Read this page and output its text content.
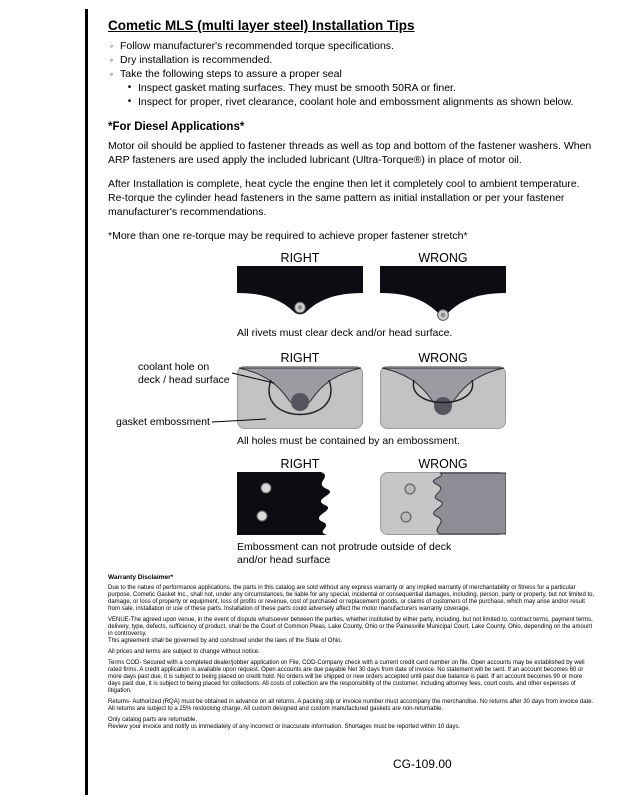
Cometic MLS (multi layer steel) Installation Tips
◦ Follow manufacturer's recommended torque specifications.
◦ Dry installation is recommended.
◦ Take the following steps to assure a proper seal
• Inspect gasket mating surfaces. They must be smooth 50RA or finer.
• Inspect for proper, rivet clearance, coolant hole and embossment alignments as shown below.
*For Diesel Applications*

Motor oil should be applied to fastener threads as well as top and bottom of the fastener washers. When ARP fasteners are used apply the included lubricant (Ultra-Torque®) in place of motor oil.

After Installation is complete, heat cycle the engine then let it completely cool to ambient temperature. Re-torque the cylinder head fasteners in the same pattern as initial installation or per your fastener manufacturer's recommendations.

*More than one re-torque may be required to achieve proper fastener stretch*

RIGHT	WRONG
All rivets must clear deck and/or head surface.
RIGHT	WRONG
coolant hole on deck / head surface
gasket embossment
All holes must be contained by an embossment.
RIGHT	WRONG
Embossment can not protrude outside of deck and/or head surface
Warranty Disclaimer*

Due to the nature of performance applications, the parts in this catalog are sold without any express warranty or any implied warranty of merchantability or fitness for a particular purpose. Cometic Gasket Inc., shall not, under any circumstances, be liable for any special, incidental or consequential damages, including, person, party or property, but not limited to, damage, or loss of property or equipment, loss of profits or revenue, cost of purchased or replacement goods, or claims of customers of the purchase, which may arise and/or result from sale, installation or use of these parts. Installation of these parts could adversely affect the motor manufacturers warranty coverage.

VENUE-The agreed upon venue, in the event of dispute whatsoever between the parties, whether instituted by either party, including, but not limited to, contract terms, payment terms, delivery, type, defects, sufficiency of product, shall be the Court of Common Pleas, Lake County, Ohio or the Painesville Municipal Court, Lake County, Ohio, depending on the amount in controversy.

This agreement shall be governed by and construed under the laws of the State of Ohio.

All prices and terms are subject to change without notice.

Terms COD- Secured with a completed dealer/jobber application on File, COD-Company check with a current credit card number on file. Open accounts may be established by well rated firms. A credit application is available upon request. Open accounts are due payable Net 30 days from date of invoice. No statement will be sent. If an account becomes 60 or more days past due, it is subject to being placed on credit hold. No orders will be shipped or new orders accepted until past due balance is paid. If an account becomes 90 or more days past due, it is subject to being placed for collections. All costs of collection are the responsibility of the customer, including attorney fees, court costs, and other expenses of litigation.

Returns- Authorized (RQA) must be obtained in advance on all returns. A packing slip or invoice number must accompany the merchandise. No returns after 30 days from invoice date. All returns are subject to a 25% restocking charge. All custom designed and custom manufactured gaskets are non-returnable.

Only catalog parts are returnable.

Review your invoice and notify us immediately of any incorrect or inaccurate information. Shortages must be reported within 10 days.

CG-109.00
